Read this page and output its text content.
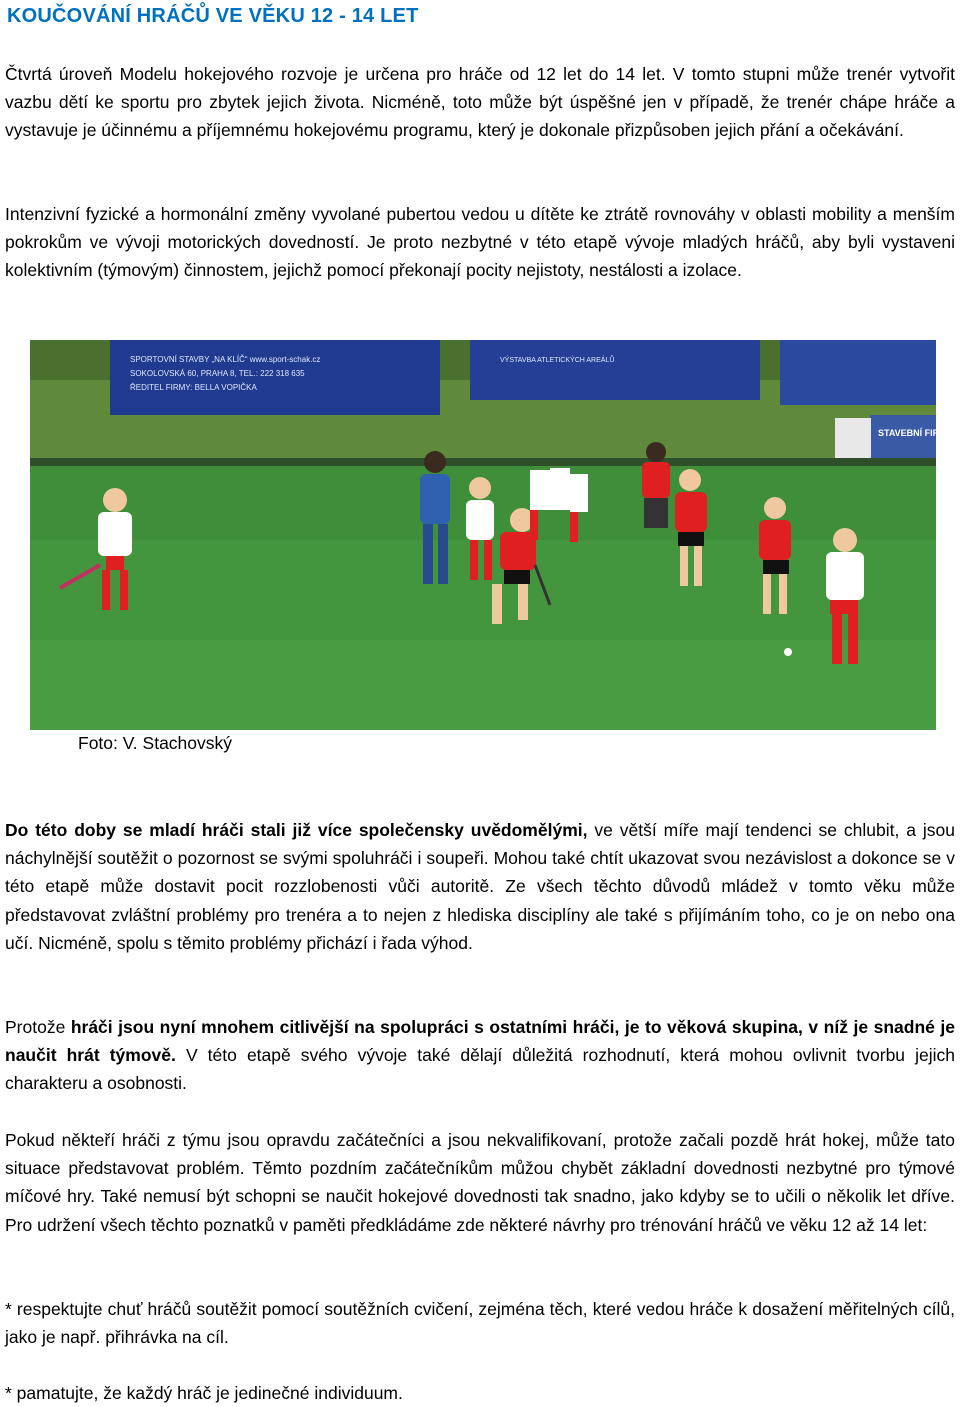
KOUČOVÁNÍ HRÁČŮ VE VĚKU 12 - 14 LET

Čtvrtá úroveň Modelu hokejového rozvoje je určena pro hráče od 12 let do 14 let. V tomto stupni může trenér vytvořit vazbu dětí ke sportu pro zbytek jejich života. Nicméně, toto může být úspěšné jen v případě, že trenér chápe hráče a vystavuje je účinnému a příjemnému hokejovému programu, který je dokonale přizpůsoben jejich přání a očekávání.

Intenzivní fyzické a hormonální změny vyvolané pubertou vedou u dítěte ke ztrátě rovnováhy v oblasti mobility a menším pokrokům ve vývoji motorických dovedností. Je proto nezbytné v této etapě vývoje mladých hráčů, aby byli vystaveni kolektivním (týmovým) činnostem, jejichž pomocí překonají pocity nejistoty, nestálosti a izolace.

SPORTOVNÍ STAVBY „NA KLÍČ“ www.sport-schak.cz
SOKOLOVSKÁ 60, PRAHA 8, TEL.: 222 318 635
ŘEDITEL FIRMY: BELLA VOPIČKA
VÝSTAVBA ATLETICKÝCH AREÁLŮ
STAVEBNÍ FIRMA

Foto: V. Stachovský

Do této doby se mladí hráči stali již více společensky uvědomělými, ve větší míře mají tendenci se chlubit, a jsou náchylnější soutěžit o pozornost se svými spoluhráči i soupeři. Mohou také chtít ukazovat svou nezávislost a dokonce se v této etapě může dostavit pocit rozzlobenosti vůči autoritě. Ze všech těchto důvodů mládež v tomto věku může představovat zvláštní problémy pro trenéra a to nejen z hlediska disciplíny ale také s přijímáním toho, co je on nebo ona učí. Nicméně, spolu s těmito problémy přichází i řada výhod.

Protože hráči jsou nyní mnohem citlivější na spolupráci s ostatními hráči, je to věková skupina, v níž je snadné je naučit hrát týmově. V této etapě svého vývoje také dělají důležitá rozhodnutí, která mohou ovlivnit tvorbu jejich charakteru a osobnosti.

Pokud někteří hráči z týmu jsou opravdu začátečníci a jsou nekvalifikovaní, protože začali pozdě hrát hokej, může tato situace představovat problém. Těmto pozdním začátečníkům můžou chybět základní dovednosti nezbytné pro týmové míčové hry. Také nemusí být schopni se naučit hokejové dovednosti tak snadno, jako kdyby se to učili o několik let dříve. Pro udržení všech těchto poznatků v paměti předkládáme zde některé návrhy pro trénování hráčů ve věku 12 až 14 let:

* respektujte chuť hráčů soutěžit pomocí soutěžních cvičení, zejména těch, které vedou hráče k dosažení měřitelných cílů, jako je např. přihrávka na cíl.

* pamatujte, že každý hráč je jedinečné individuum.
